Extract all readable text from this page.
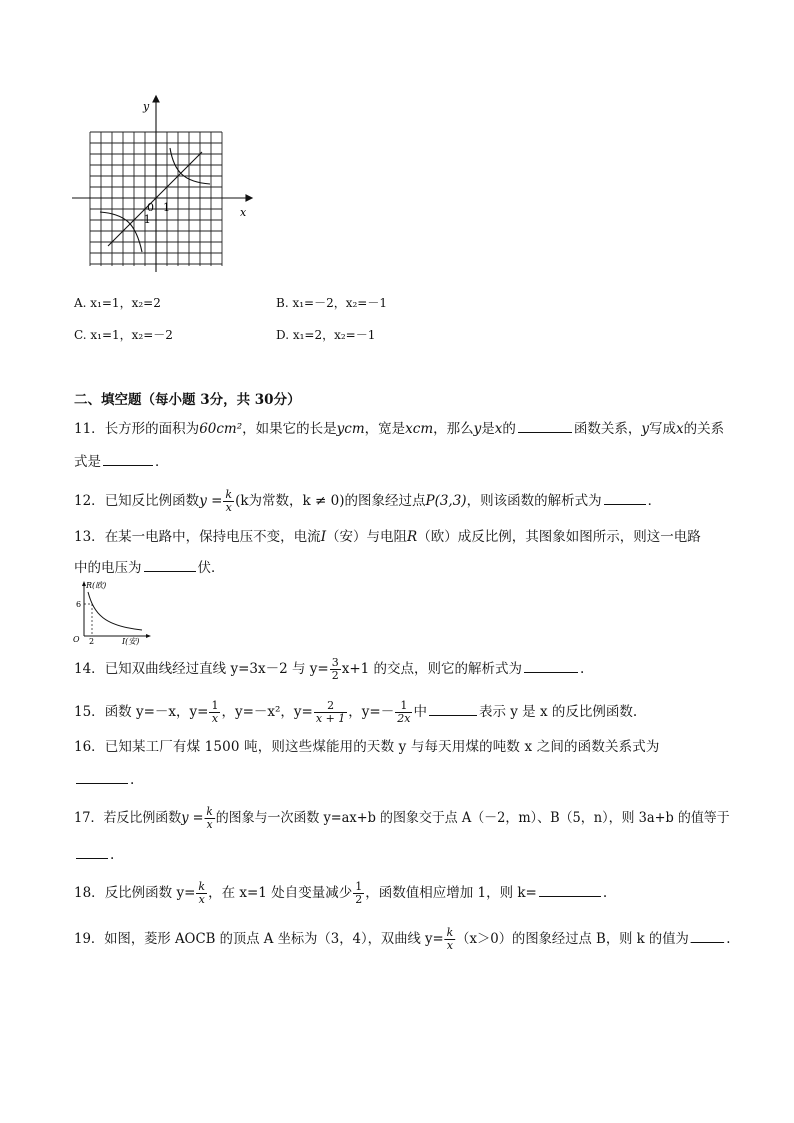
y
x
0 1
-1
A. x₁=1，x₂=2	B. x₁=－2，x₂=－1
C. x₁=1，x₂=－2	D. x₁=2，x₂=－1
二、填空题（每小题 3分，共 30分）
11．长方形的面积为60cm²，如果它的长是ycm，宽是xcm，那么y是x的	函数关系，y写成x的关系
式是	．
12．已知反比例函数$y = \frac{k}{x} (k$为常数，k ≠ 0)的图象经过点P(3,3)，则该函数的解析式为	．
13．在某一电路中，保持电压不变，电流I（安）与电阻R（欧）成反比例，其图象如图所示，则这一电路
中的电压为	伏．
R(欧)
I(安)
O
6
2
14．已知双曲线经过直线 y=3x－2 与 $y= \frac{3}{2} x+1$ 的交点，则它的解析式为	.
15．函数 y=－x，$y= \frac{1}{x}$ ，y=－x²，$y= \frac{2}{x + 1}$ ，$y=- \frac{1}{2x}$ 中	表示 y 是 x 的反比例函数.
16．已知某工厂有煤 1500 吨，则这些煤能用的天数 y 与每天用煤的吨数 x 之间的函数关系式为
.
17．若反比例函数$y = \frac{k}{x}$ 的图象与一次函数 y=ax+b 的图象交于点 A（－2，m）、B（5，n），则 3a+b 的值等于
.
18．反比例函数 $y= \frac{k}{x}$ ，在 x=1 处自变量减少 $\frac{1}{2}$ ，函数值相应增加 1，则 k=	.
19．如图，菱形 AOCB 的顶点 A 坐标为（3，4），双曲线 $y= \frac{k}{x} (x>0)$的图象经过点 B，则 k 的值为	.
